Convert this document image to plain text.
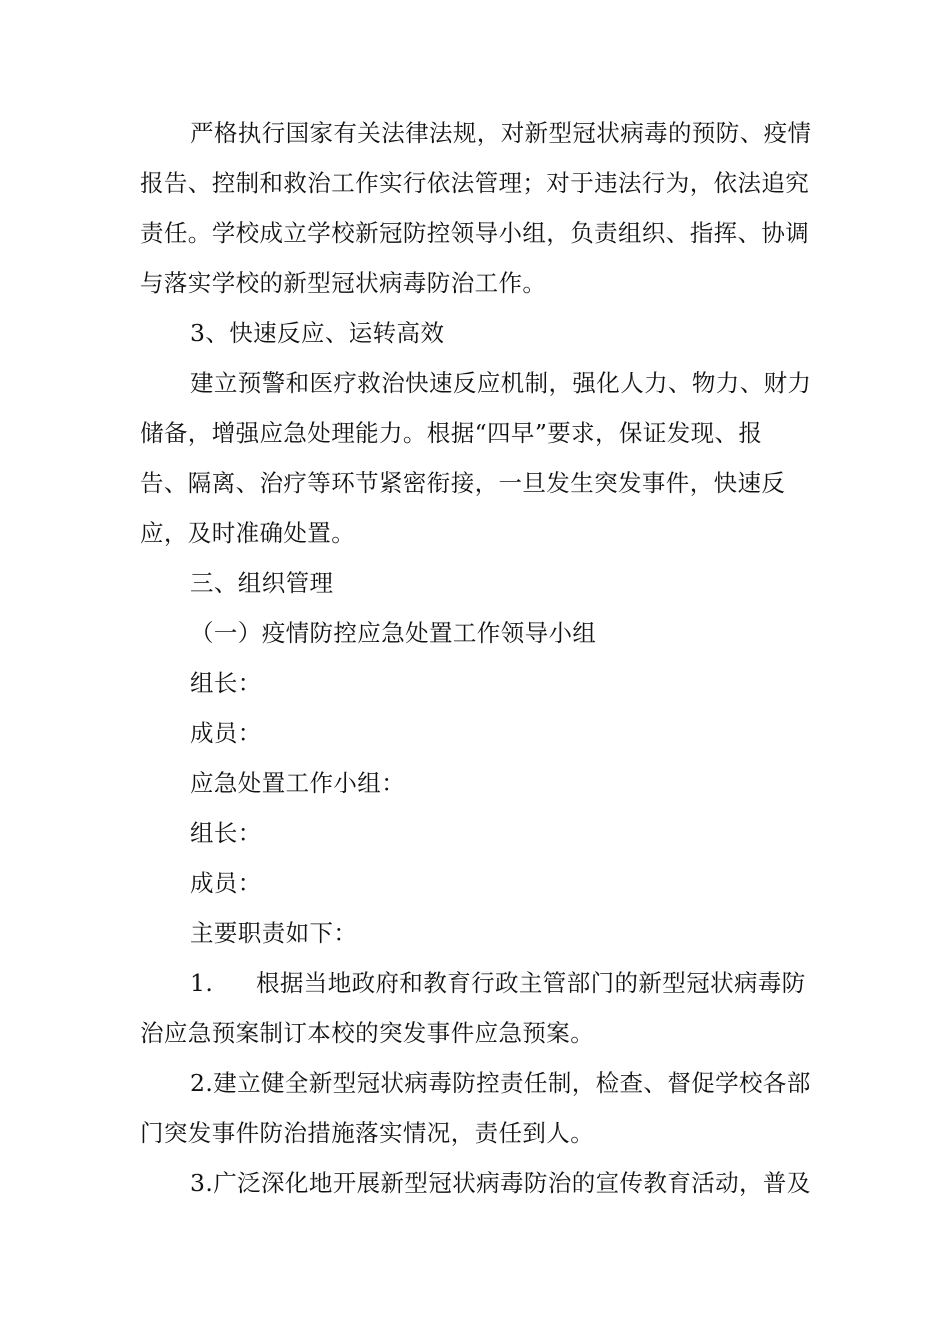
严格执行国家有关法律法规，对新型冠状病毒的预防、疫情
报告、控制和救治工作实行依法管理；对于违法行为，依法追究
责任。学校成立学校新冠防控领导小组，负责组织、指挥、协调
与落实学校的新型冠状病毒防治工作。
3、快速反应、运转高效
建立预警和医疗救治快速反应机制，强化人力、物力、财力
储备，增强应急处理能力。根据“四早”要求，保证发现、报
告、隔离、治疗等环节紧密衔接，一旦发生突发事件，快速反
应，及时准确处置。
三、组织管理
（一）疫情防控应急处置工作领导小组
组长：
成员：
应急处置工作小组：
组长：
成员：
主要职责如下：
1. 根据当地政府和教育行政主管部门的新型冠状病毒防
治应急预案制订本校的突发事件应急预案。
2.建立健全新型冠状病毒防控责任制，检查、督促学校各部
门突发事件防治措施落实情况，责任到人。
3.广泛深化地开展新型冠状病毒防治的宣传教育活动，普及
